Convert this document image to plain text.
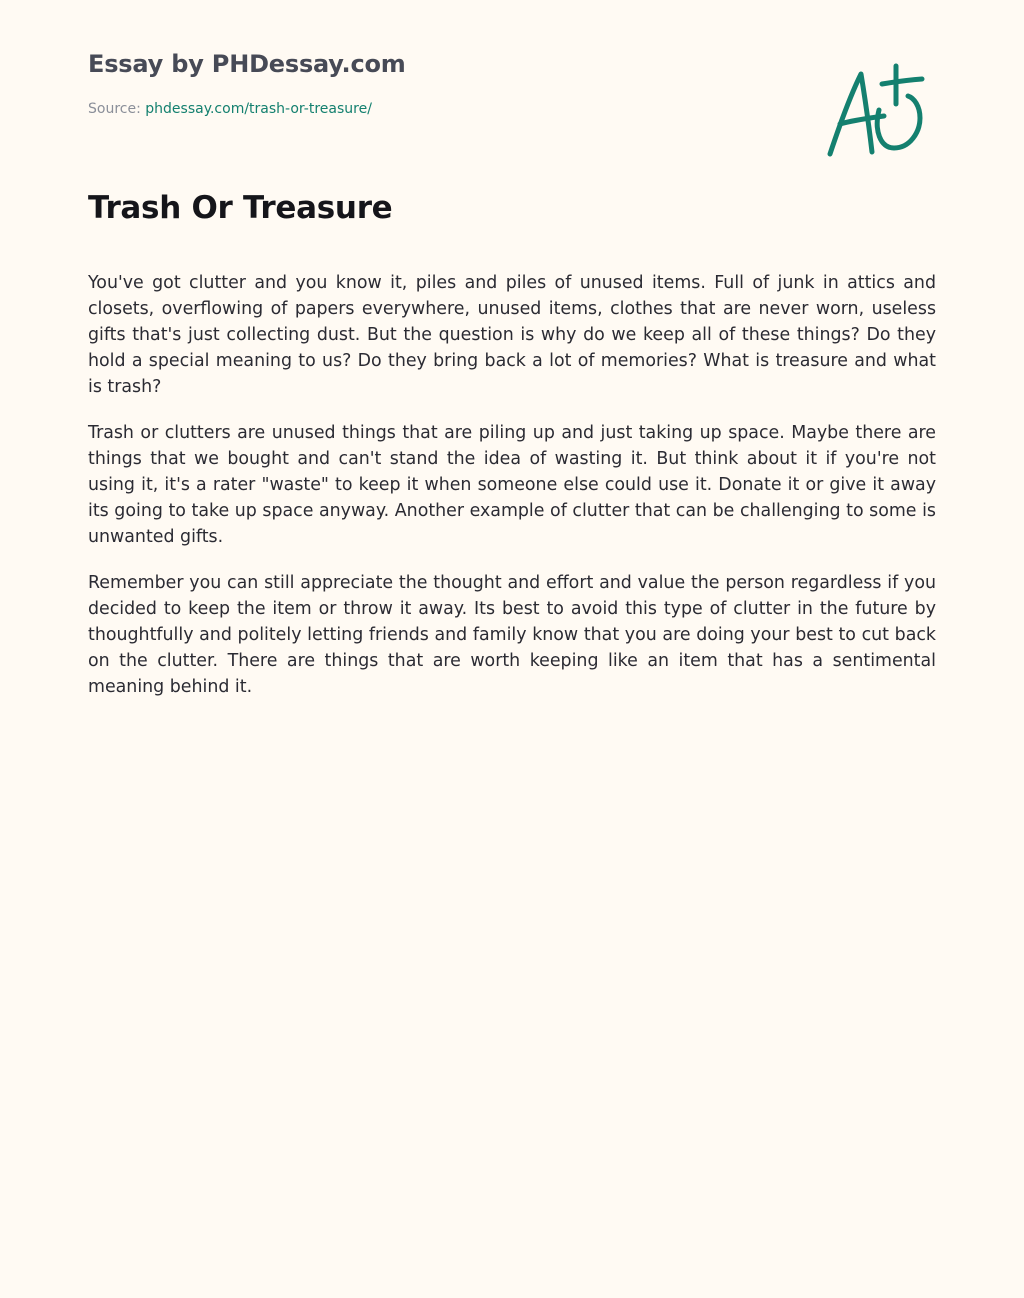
Essay by PHDessay.com
Source: phdessay.com/trash-or-treasure/
Trash Or Treasure

You've got clutter and you know it, piles and piles of unused items. Full of junk in attics and closets, overflowing of papers everywhere, unused items, clothes that are never worn, useless gifts that's just collecting dust. But the question is why do we keep all of these things? Do they hold a special meaning to us? Do they bring back a lot of memories? What is treasure and what is trash?

Trash or clutters are unused things that are piling up and just taking up space. Maybe there are things that we bought and can't stand the idea of wasting it. But think about it if you're not using it, it's a rater "waste" to keep it when someone else could use it. Donate it or give it away its going to take up space anyway. Another example of clutter that can be challenging to some is unwanted gifts.

Remember you can still appreciate the thought and effort and value the person regardless if you decided to keep the item or throw it away. Its best to avoid this type of clutter in the future by thoughtfully and politely letting friends and family know that you are doing your best to cut back on the clutter. There are things that are worth keeping like an item that has a sentimental meaning behind it.
